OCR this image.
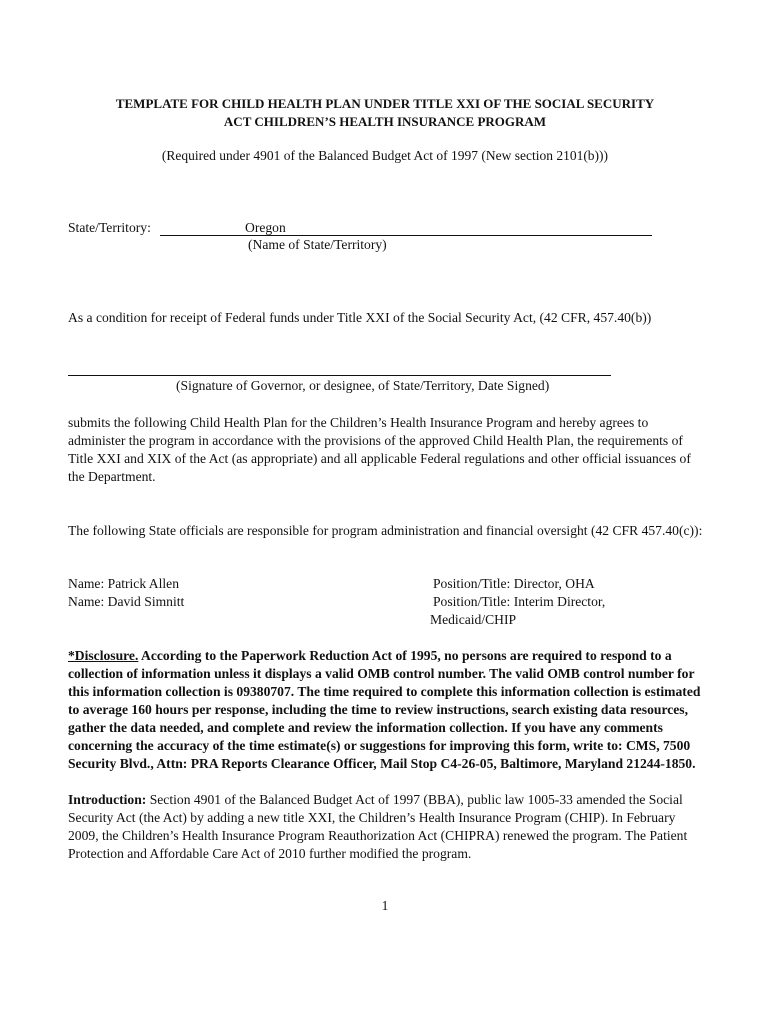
TEMPLATE FOR CHILD HEALTH PLAN UNDER TITLE XXI OF THE SOCIAL SECURITY
ACT CHILDREN’S HEALTH INSURANCE PROGRAM
(Required under 4901 of the Balanced Budget Act of 1997 (New section 2101(b)))
State/Territory:	Oregon
(Name of State/Territory)
As a condition for receipt of Federal funds under Title XXI of the Social Security Act, (42 CFR, 457.40(b))
(Signature of Governor, or designee, of State/Territory, Date Signed)
submits the following Child Health Plan for the Children’s Health Insurance Program and hereby agrees to administer the program in accordance with the provisions of the approved Child Health Plan, the requirements of Title XXI and XIX of the Act (as appropriate) and all applicable Federal regulations and other official issuances of the Department.
The following State officials are responsible for program administration and financial oversight (42 CFR 457.40(c)):
Name: Patrick Allen	Position/Title: Director, OHA
Name: David Simnitt	Position/Title: Interim Director,
Medicaid/CHIP
*Disclosure. According to the Paperwork Reduction Act of 1995, no persons are required to respond to a collection of information unless it displays a valid OMB control number. The valid OMB control number for this information collection is 09380707. The time required to complete this information collection is estimated to average 160 hours per response, including the time to review instructions, search existing data resources, gather the data needed, and complete and review the information collection. If you have any comments concerning the accuracy of the time estimate(s) or suggestions for improving this form, write to: CMS, 7500 Security Blvd., Attn: PRA Reports Clearance Officer, Mail Stop C4-26-05, Baltimore, Maryland 21244-1850.
Introduction: Section 4901 of the Balanced Budget Act of 1997 (BBA), public law 1005-33 amended the Social Security Act (the Act) by adding a new title XXI, the Children’s Health Insurance Program (CHIP). In February 2009, the Children’s Health Insurance Program Reauthorization Act (CHIPRA) renewed the program. The Patient Protection and Affordable Care Act of 2010 further modified the program.
1
